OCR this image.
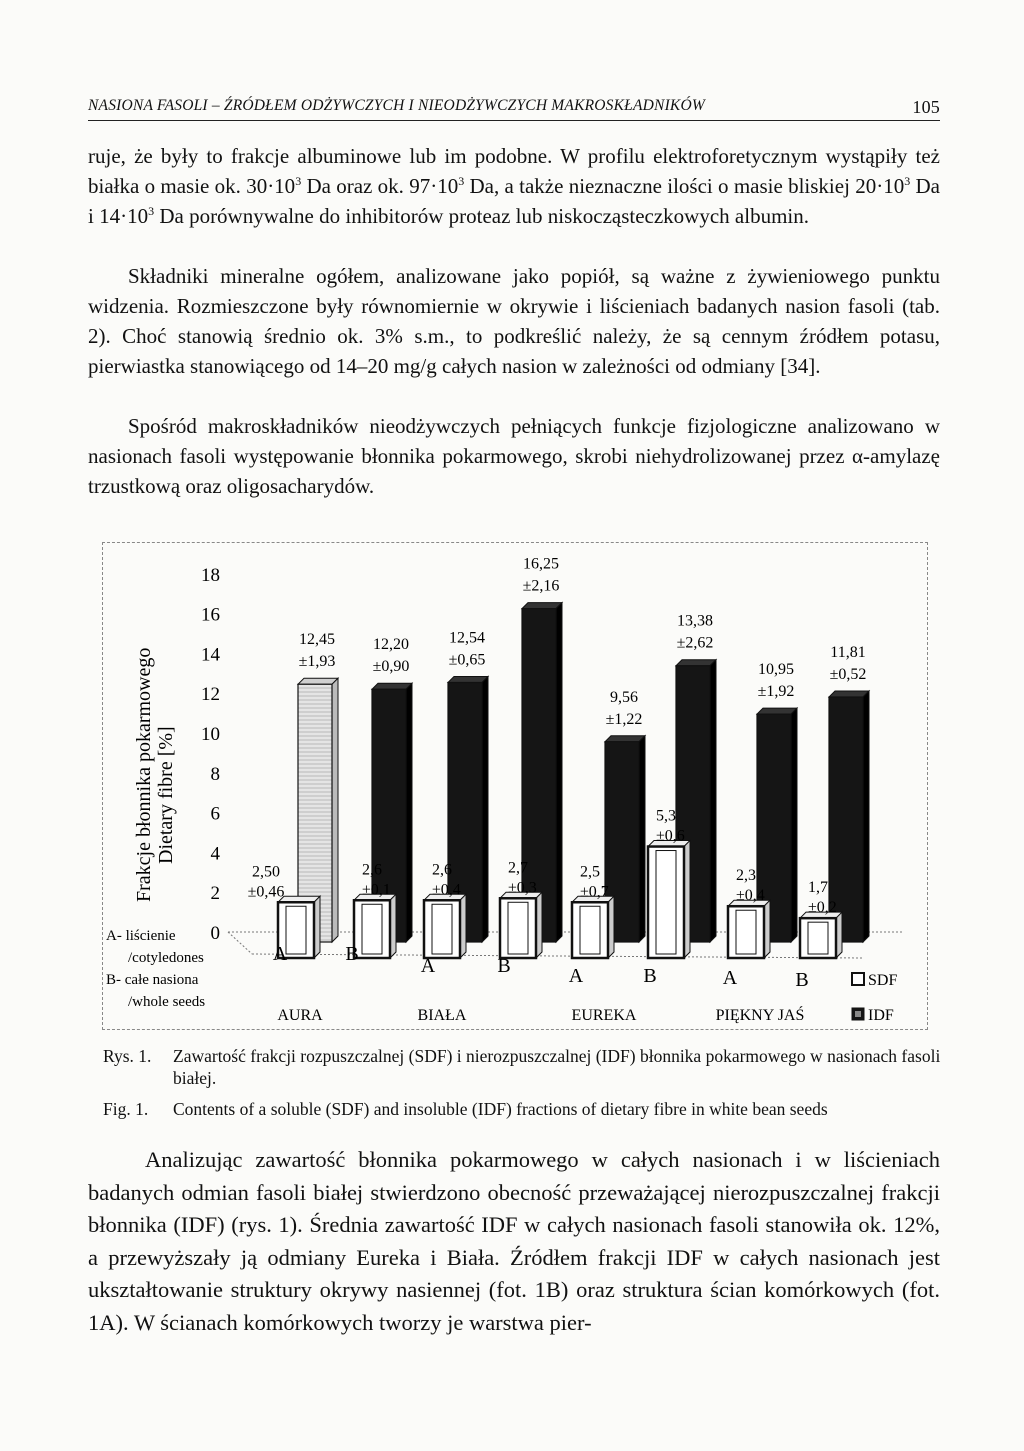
NASIONA FASOLI – ŹRÓDŁEM ODŻYWCZYCH I NIEODŻYWCZYCH MAKROSKŁADNIKÓW	105

ruje, że były to frakcje albuminowe lub im podobne. W profilu elektroforetycznym wystąpiły też białka o masie ok. $30\cdot 10^3$ Da oraz ok. $97\cdot 10^3$ Da, a także nieznaczne ilości o masie bliskiej $20\cdot 10^3$ Da i $14\cdot 10^3$ Da porównywalne do inhibitorów proteaz lub niskocząsteczkowych albumin.

Składniki mineralne ogółem, analizowane jako popiół, są ważne z żywieniowego punktu widzenia. Rozmieszczone były równomiernie w okrywie i liścieniach badanych nasion fasoli (tab. 2). Choć stanowią średnio ok. 3% s.m., to podkreślić należy, że są cennym źródłem potasu, pierwiastka stanowiącego od 14–20 mg/g całych nasion w zależności od odmiany [34].

Spośród makroskładników nieodżywczych pełniących funkcje fizjologiczne analizowano w nasionach fasoli występowanie błonnika pokarmowego, skrobi niehydrolizowanej przez α-amylazę trzustkową oraz oligosacharydów.

0
2
4
6
8
10
12
14
16
18
Frakcje błonnika pokarmowego Dietary fibre [%]
12,45
±1,93
12,20
±0,90
12,54
±0,65
16,25
±2,16
9,56
±1,22
13,38
±2,62
10,95
±1,92
11,81
±0,52
2,50
±0,46
2,6
±0,1
2,6
±0,4
2,7
±0,3
2,5
±0,7
5,3
±0,6
2,3
±0,4	1,7
±0,2
A	B
A	B	A	B	A	B
AURA	BIAŁA	EUREKA	PIĘKNY JAŚ
A- liścienie
/cotyledones
B- całe nasiona
/whole seeds
SDF
IDF
Rys. 1. Zawartość frakcji rozpuszczalnej (SDF) i nierozpuszczalnej (IDF) błonnika pokarmowego w nasionach fasoli białej.
Fig. 1. Contents of a soluble (SDF) and insoluble (IDF) fractions of dietary fibre in white bean seeds

Analizując zawartość błonnika pokarmowego w całych nasionach i w liścieniach badanych odmian fasoli białej stwierdzono obecność przeważającej nierozpuszczalnej frakcji błonnika (IDF) (rys. 1). Średnia zawartość IDF w całych nasionach fasoli stanowiła ok. 12%, a przewyższały ją odmiany Eureka i Biała. Źródłem frakcji IDF w całych nasionach jest ukształtowanie struktury okrywy nasiennej (fot. 1B) oraz struktura ścian komórkowych (fot. 1A). W ścianach komórkowych tworzy je warstwa pier-
